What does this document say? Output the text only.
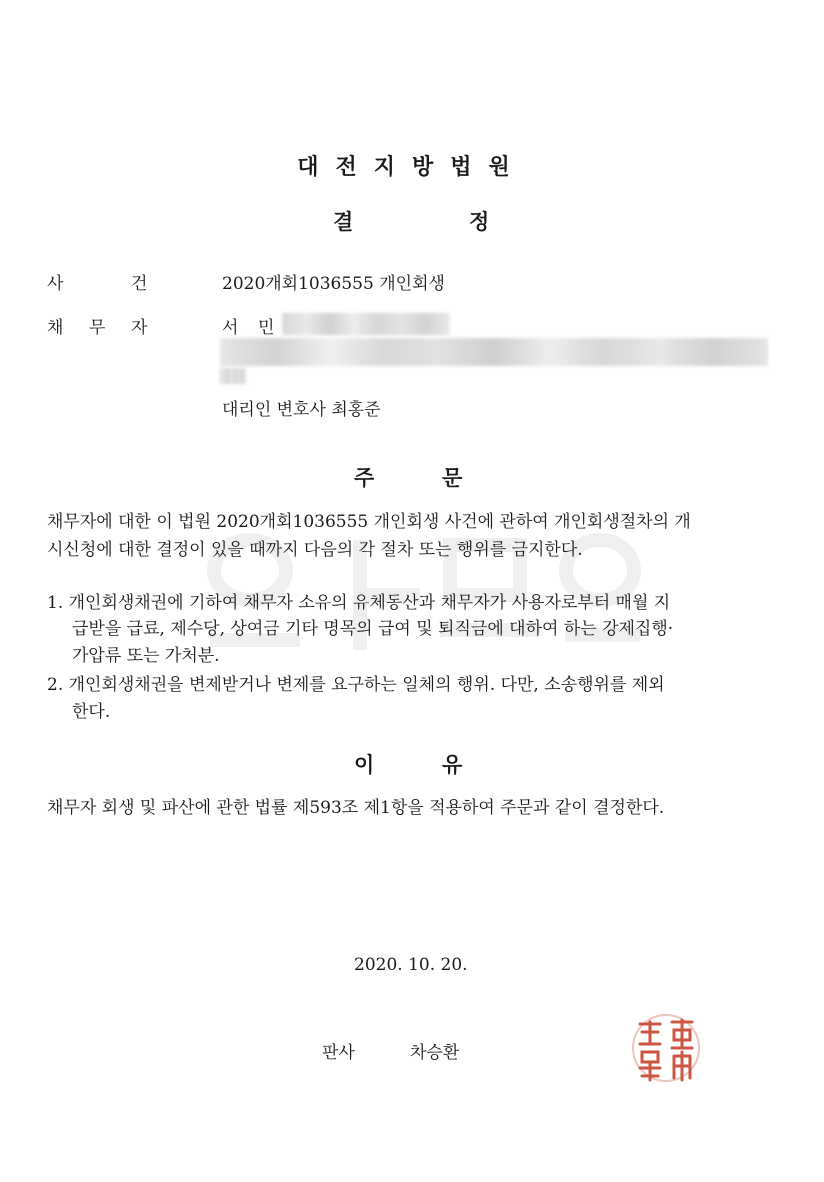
대전지방법원
결	정
사	건	2020개회1036555 개인회생
채 무 자	서 민
대리인 변호사 최홍준
주	문
채무자에 대한 이 법원 2020개회1036555 개인회생 사건에 관하여 개인회생절차의 개
시신청에 대한 결정이 있을 때까지 다음의 각 절차 또는 행위를 금지한다.
1. 개인회생채권에 기하여 채무자 소유의 유체동산과 채무자가 사용자로부터 매월 지
급받을 급료, 제수당, 상여금 기타 명목의 급여 및 퇴직금에 대하여 하는 강제집행·
가압류 또는 가처분.
2. 개인회생채권을 변제받거나 변제를 요구하는 일체의 행위. 다만, 소송행위를 제외
한다.
이	유
채무자 회생 및 파산에 관한 법률 제593조 제1항을 적용하여 주문과 같이 결정한다.
2020. 10. 20.
판사	차승환
